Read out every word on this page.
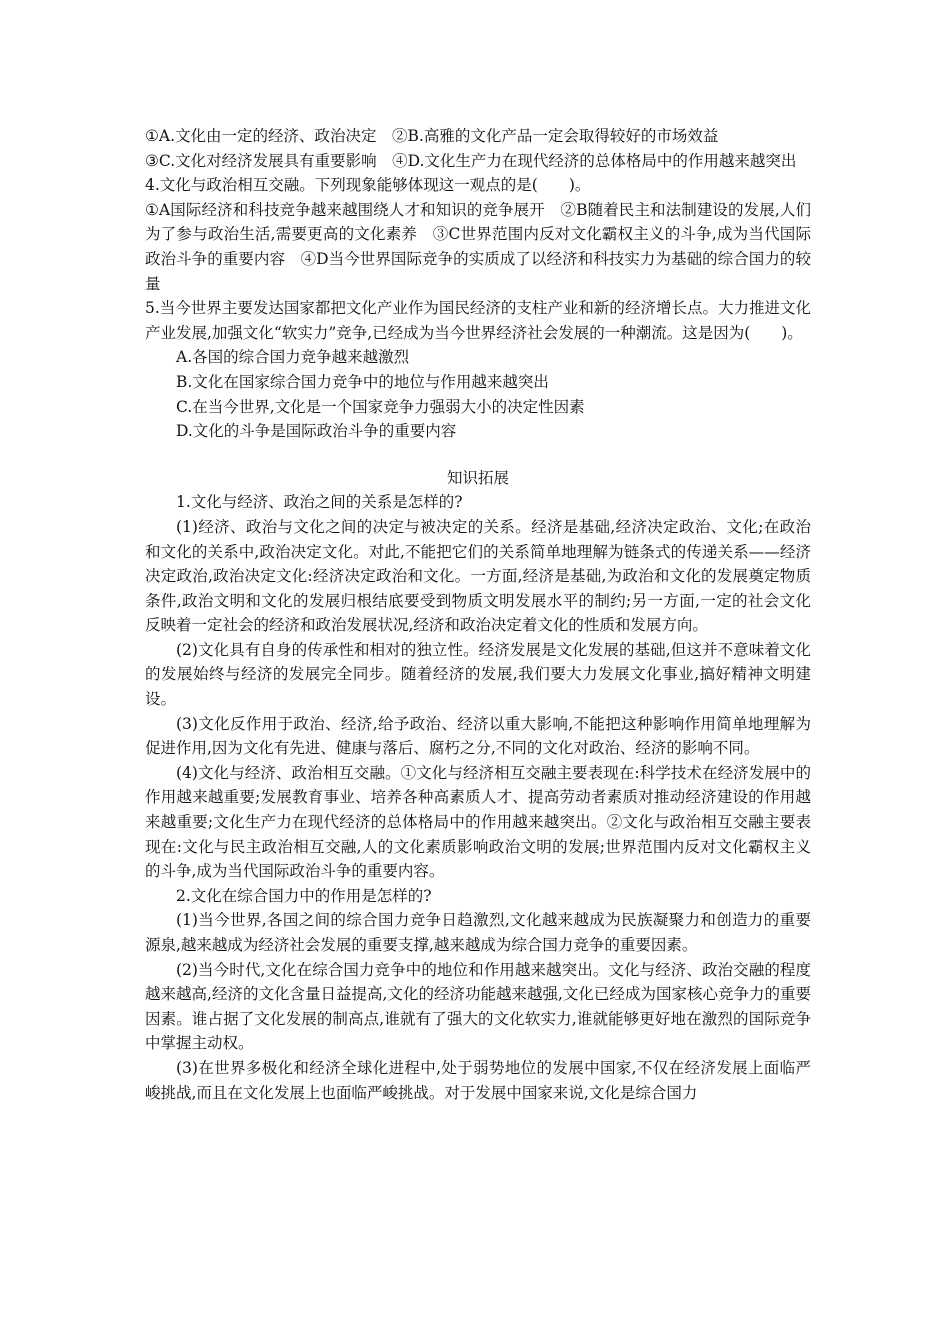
①A.文化由一定的经济、政治决定　②B.高雅的文化产品一定会取得较好的市场效益

③C.文化对经济发展具有重要影响　④D.文化生产力在现代经济的总体格局中的作用越来越突出

4.文化与政治相互交融。下列现象能够体现这一观点的是(　　)。

①A国际经济和科技竞争越来越围绕人才和知识的竞争展开　②B随着民主和法制建设的发展,人们为了参与政治生活,需要更高的文化素养　③C世界范围内反对文化霸权主义的斗争,成为当代国际政治斗争的重要内容　④D当今世界国际竞争的实质成了以经济和科技实力为基础的综合国力的较量

5.当今世界主要发达国家都把文化产业作为国民经济的支柱产业和新的经济增长点。大力推进文化产业发展,加强文化“软实力”竞争,已经成为当今世界经济社会发展的一种潮流。这是因为(　　)。

A.各国的综合国力竞争越来越激烈

B.文化在国家综合国力竞争中的地位与作用越来越突出

C.在当今世界,文化是一个国家竞争力强弱大小的决定性因素

D.文化的斗争是国际政治斗争的重要内容

知识拓展

1.文化与经济、政治之间的关系是怎样的?

(1)经济、政治与文化之间的决定与被决定的关系。经济是基础,经济决定政治、文化;在政治和文化的关系中,政治决定文化。对此,不能把它们的关系简单地理解为链条式的传递关系——经济决定政治,政治决定文化:经济决定政治和文化。一方面,经济是基础,为政治和文化的发展奠定物质条件,政治文明和文化的发展归根结底要受到物质文明发展水平的制约;另一方面,一定的社会文化反映着一定社会的经济和政治发展状况,经济和政治决定着文化的性质和发展方向。

(2)文化具有自身的传承性和相对的独立性。经济发展是文化发展的基础,但这并不意味着文化的发展始终与经济的发展完全同步。随着经济的发展,我们要大力发展文化事业,搞好精神文明建设。

(3)文化反作用于政治、经济,给予政治、经济以重大影响,不能把这种影响作用简单地理解为促进作用,因为文化有先进、健康与落后、腐朽之分,不同的文化对政治、经济的影响不同。

(4)文化与经济、政治相互交融。①文化与经济相互交融主要表现在:科学技术在经济发展中的作用越来越重要;发展教育事业、培养各种高素质人才、提高劳动者素质对推动经济建设的作用越来越重要;文化生产力在现代经济的总体格局中的作用越来越突出。②文化与政治相互交融主要表现在:文化与民主政治相互交融,人的文化素质影响政治文明的发展;世界范围内反对文化霸权主义的斗争,成为当代国际政治斗争的重要内容。

2.文化在综合国力中的作用是怎样的?

(1)当今世界,各国之间的综合国力竞争日趋激烈,文化越来越成为民族凝聚力和创造力的重要源泉,越来越成为经济社会发展的重要支撑,越来越成为综合国力竞争的重要因素。

(2)当今时代,文化在综合国力竞争中的地位和作用越来越突出。文化与经济、政治交融的程度越来越高,经济的文化含量日益提高,文化的经济功能越来越强,文化已经成为国家核心竞争力的重要因素。谁占据了文化发展的制高点,谁就有了强大的文化软实力,谁就能够更好地在激烈的国际竞争中掌握主动权。

(3)在世界多极化和经济全球化进程中,处于弱势地位的发展中国家,不仅在经济发展上面临严峻挑战,而且在文化发展上也面临严峻挑战。对于发展中国家来说,文化是综合国力
